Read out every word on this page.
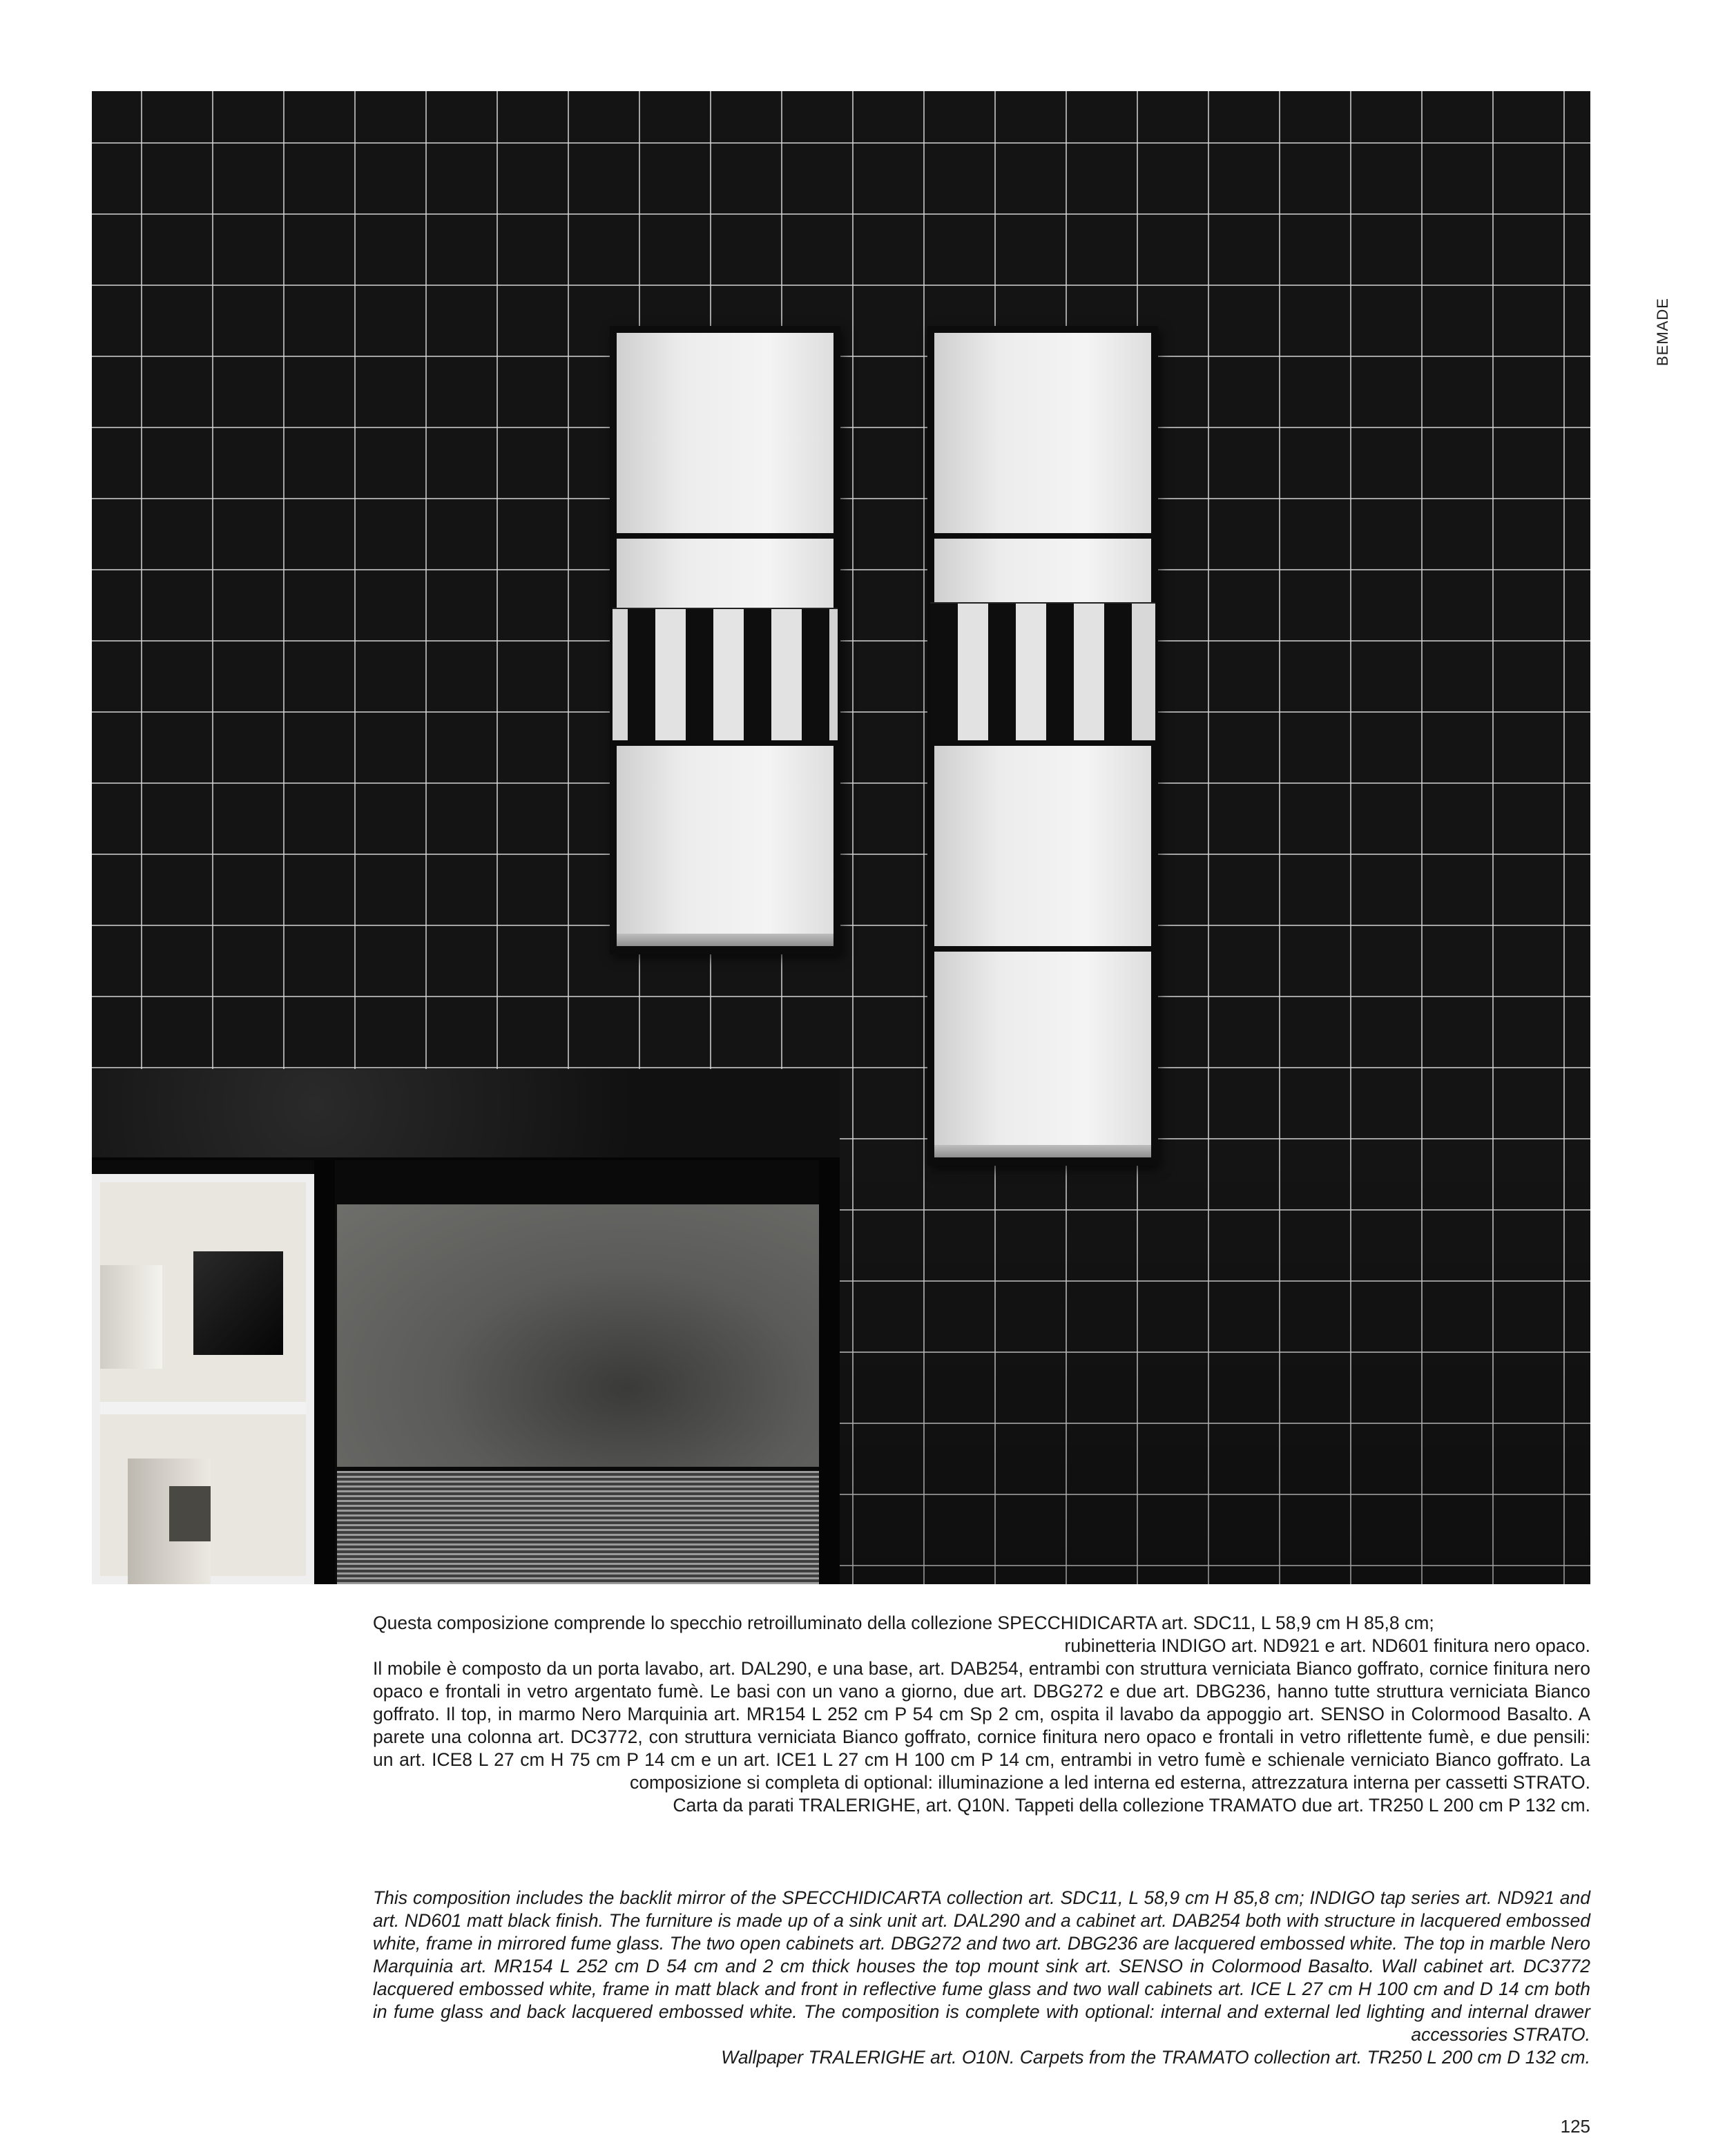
BEMADE

Questa composizione comprende lo specchio retroilluminato della collezione SPECCHIDICARTA art. SDC11, L 58,9 cm H 85,8 cm;

rubinetteria INDIGO art. ND921 e art. ND601 finitura nero opaco.

Il mobile è composto da un porta lavabo, art. DAL290, e una base, art. DAB254, entrambi con struttura verniciata Bianco goffrato, cornice finitura nero opaco e frontali in vetro argentato fumè. Le basi con un vano a giorno, due art. DBG272 e due art. DBG236, hanno tutte struttura verniciata Bianco goffrato. Il top, in marmo Nero Marquinia art. MR154 L 252 cm P 54 cm Sp 2 cm, ospita il lavabo da appoggio art. SENSO in Colormood Basalto. A parete una colonna art. DC3772, con struttura verniciata Bianco goffrato, cornice finitura nero opaco e frontali in vetro riflettente fumè, e due pensili: un art. ICE8 L 27 cm H 75 cm P 14 cm e un art. ICE1 L 27 cm H 100 cm P 14 cm, entrambi in vetro fumè e schienale verniciato Bianco goffrato. La composizione si completa di optional: illuminazione a led interna ed esterna, attrezzatura interna per cassetti STRATO.

Carta da parati TRALERIGHE, art. Q10N. Tappeti della collezione TRAMATO due art. TR250 L 200 cm P 132 cm.

This composition includes the backlit mirror of the SPECCHIDICARTA collection art. SDC11, L 58,9 cm H 85,8 cm; INDIGO tap series art. ND921 and art. ND601 matt black finish. The furniture is made up of a sink unit art. DAL290 and a cabinet art. DAB254 both with structure in lacquered embossed white, frame in mirrored fume glass. The two open cabinets art. DBG272 and two art. DBG236 are lacquered embossed white. The top in marble Nero Marquinia art. MR154 L 252 cm D 54 cm and 2 cm thick houses the top mount sink art. SENSO in Colormood Basalto. Wall cabinet art. DC3772 lacquered embossed white, frame in matt black and front in reflective fume glass and two wall cabinets art. ICE L 27 cm H 100 cm and D 14 cm both in fume glass and back lacquered embossed white. The composition is complete with optional: internal and external led lighting and internal drawer accessories STRATO.

Wallpaper TRALERIGHE art. O10N. Carpets from the TRAMATO collection art. TR250 L 200 cm D 132 cm.

125
